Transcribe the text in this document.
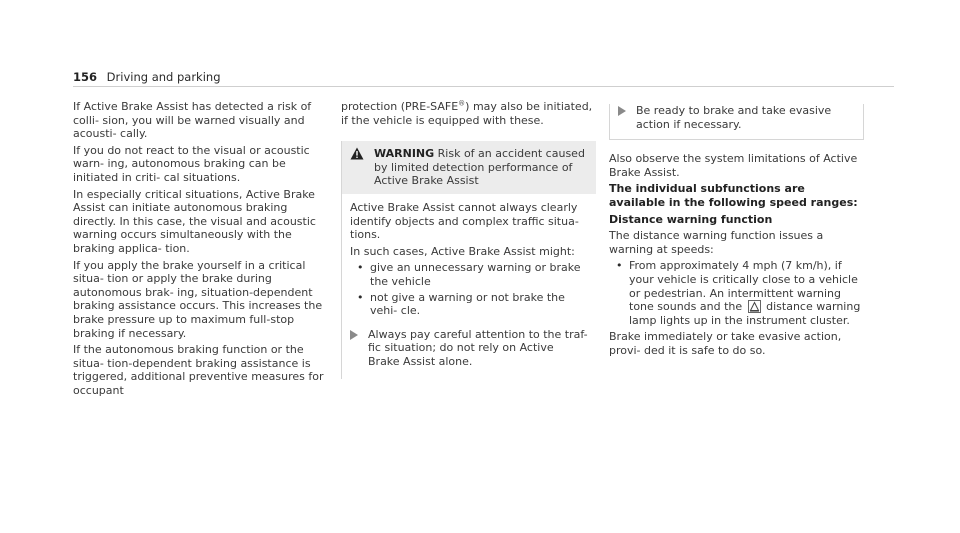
156 Driving and parking

If Active Brake Assist has detected a risk of colli- sion, you will be warned visually and acousti- cally.

If you do not react to the visual or acoustic warn- ing, autonomous braking can be initiated in criti- cal situations.

In especially critical situations, Active Brake Assist can initiate autonomous braking directly. In this case, the visual and acoustic warning occurs simultaneously with the braking applica- tion.

If you apply the brake yourself in a critical situa- tion or apply the brake during autonomous brak- ing, situation-dependent braking assistance occurs. This increases the brake pressure up to maximum full-stop braking if necessary.

If the autonomous braking function or the situa- tion-dependent braking assistance is triggered, additional preventive measures for occupant

protection (PRE-SAFE®) may also be initiated, if the vehicle is equipped with these.

WARNING Risk of an accident caused by limited detection performance of Active Brake Assist

Active Brake Assist cannot always clearly identify objects and complex traffic situa- tions.

In such cases, Active Brake Assist might:

• give an unnecessary warning or brake the vehicle
• not give a warning or not brake the vehi- cle.
Always pay careful attention to the traf- fic situation; do not rely on Active Brake Assist alone.
Be ready to brake and take evasive action if necessary.

Also observe the system limitations of Active Brake Assist.

The individual subfunctions are available in the following speed ranges:

Distance warning function

The distance warning function issues a warning at speeds:

• From approximately 4 mph (7 km/h), if your vehicle is critically close to a vehicle or pedestrian. An intermittent warning tone sounds and the distance warning lamp lights up in the instrument cluster.

Brake immediately or take evasive action, provi- ded it is safe to do so.
